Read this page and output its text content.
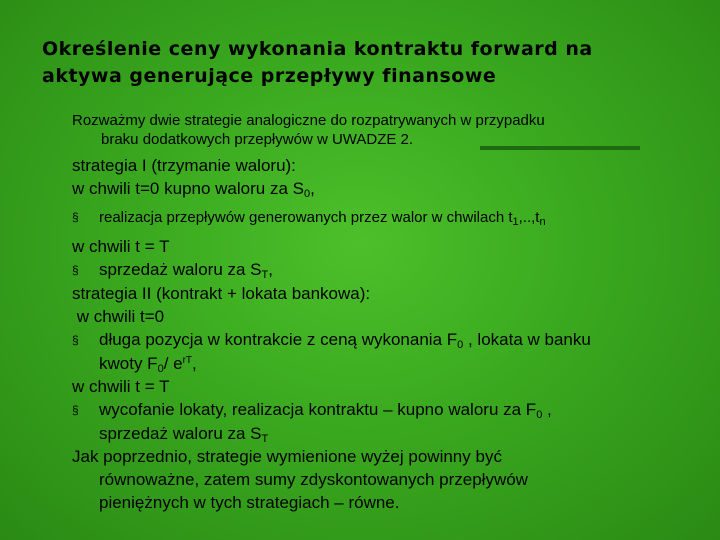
Określenie ceny wykonania kontraktu forward na
aktywa generujące przepływy finansowe
Rozważmy dwie strategie analogiczne do rozpatrywanych w przypadku
braku dodatkowych przepływów w UWADZE 2.
strategia I (trzymanie waloru):
w chwili t=0 kupno waloru za $S_0$,
§ realizacja przepływów generowanych przez walor w chwilach $t_1,..,t_n$
w chwili t = T
§ sprzedaż waloru za $S_T$,
strategia II (kontrakt + lokata bankowa):
w chwili t=0
§ długa pozycja w kontrakcie z ceną wykonania $F_0$ , lokata w banku
kwoty $F_0/$ $e^{rT}$,
w chwili t = T
§ wycofanie lokaty, realizacja kontraktu – kupno waloru za $F_0$ ,
sprzedaż waloru za $S_T$
Jak poprzednio, strategie wymienione wyżej powinny być
równoważne, zatem sumy zdyskontowanych przepływów
pieniężnych w tych strategiach – równe.
